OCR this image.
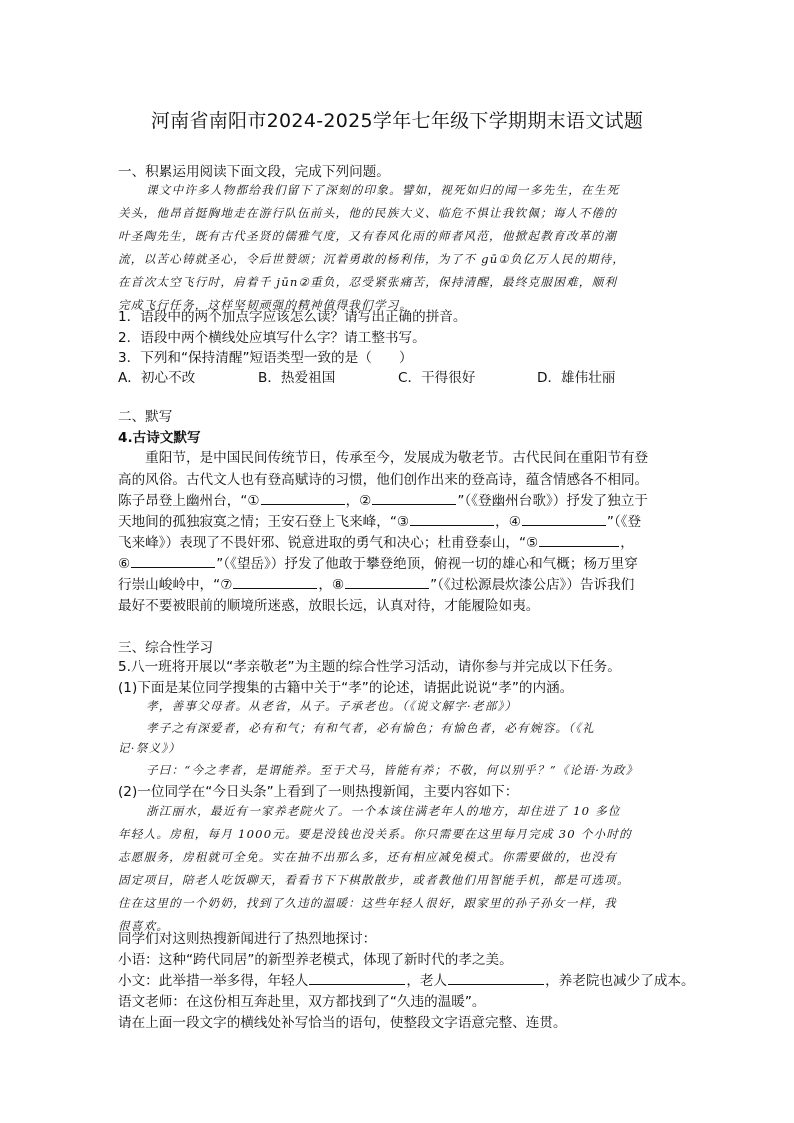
河南省南阳市2024-2025学年七年级下学期期末语文试题
一、积累运用阅读下面文段，完成下列问题。
课文中许多人物都给我们留下了深刻的印象。譬如，视死如归的闻一多先生，在生死
关头，他昂首挺胸地走在游行队伍前头，他的民族大义、临危不惧让我钦佩；诲人不倦的
叶圣陶先生，既有古代圣贤的儒雅气度，又有春风化雨的师者风范，他掀起教育改革的潮
流，以苦心铸就圣心，令后世赞颂；沉着勇敢的杨利伟，为了不 gū①负亿万人民的期待，
在首次太空飞行时，肩着千 jūn②重负，忍受紧张痛苦，保持清醒，最终克服困难，顺利
完成飞行任务，这样坚韧顽强的精神值得我们学习。
1．语段中的两个加点字应该怎么读？请写出正确的拼音。
2．语段中两个横线处应填写什么字？请工整书写。
3．下列和“保持清醒”短语类型一致的是（　　）
A．初心不改	B．热爱祖国	C．干得很好	D．雄伟壮丽
二、默写
4.古诗文默写
　　重阳节，是中国民间传统节日，传承至今，发展成为敬老节。古代民间在重阳节有登
高的风俗。古代文人也有登高赋诗的习惯，他们创作出来的登高诗，蕴含情感各不相同。
陈子昂登上幽州台，“①	，②	”（《登幽州台歌》）抒发了独立于
天地间的孤独寂寞之情；王安石登上飞来峰，“③	，④	”（《登
飞来峰》）表现了不畏奸邪、锐意进取的勇气和决心；杜甫登泰山，“⑤	，
⑥	”（《望岳》）抒发了他敢于攀登绝顶，俯视一切的雄心和气概；杨万里穿
行崇山峻岭中，“⑦	，⑧	”（《过松源晨炊漆公店》）告诉我们
最好不要被眼前的顺境所迷惑，放眼长远，认真对待，才能履险如夷。
三、综合性学习
5.八一班将开展以“孝亲敬老”为主题的综合性学习活动，请你参与并完成以下任务。
(1)下面是某位同学搜集的古籍中关于“孝”的论述，请据此说说“孝”的内涵。
孝，善事父母者。从老省，从子。子承老也。（《说文解字·老部》）
孝子之有深爱者，必有和气；有和气者，必有愉色；有愉色者，必有婉容。（《礼
记·祭义》）
子曰：“今之孝者，是谓能养。至于犬马，皆能有养；不敬，何以别乎？”《论语·为政》
(2)一位同学在“今日头条”上看到了一则热搜新闻，主要内容如下：
浙江丽水，最近有一家养老院火了。一个本该住满老年人的地方，却住进了 10 多位
年轻人。房租，每月 1000元。要是没钱也没关系。你只需要在这里每月完成 30 个小时的
志愿服务，房租就可全免。实在抽不出那么多，还有相应减免模式。你需要做的，也没有
固定项目，陪老人吃饭聊天，看看书下下棋散散步，或者教他们用智能手机，都是可选项。
住在这里的一个奶奶，找到了久违的温暖：这些年轻人很好，跟家里的孙子孙女一样，我
很喜欢。
同学们对这则热搜新闻进行了热烈地探讨：
小语：这种“跨代同居”的新型养老模式，体现了新时代的孝之美。
小文：此举措一举多得，年轻人	，老人	，养老院也减少了成本。
语文老师：在这份相互奔赴里，双方都找到了“久违的温暖”。
请在上面一段文字的横线处补写恰当的语句，使整段文字语意完整、连贯。
